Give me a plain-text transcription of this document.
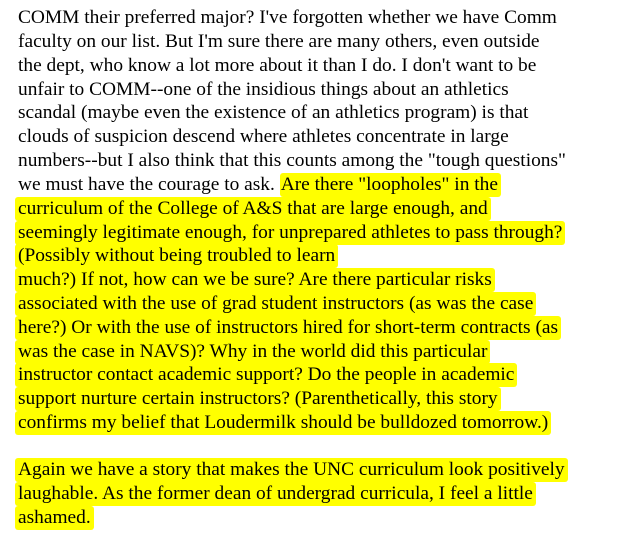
COMM their preferred major? I've forgotten whether we have Comm
faculty on our list. But I'm sure there are many others, even outside
the dept, who know a lot more about it than I do. I don't want to be
unfair to COMM--one of the insidious things about an athletics
scandal (maybe even the existence of an athletics program) is that
clouds of suspicion descend where athletes concentrate in large
numbers--but I also think that this counts among the "tough questions"
we must have the courage to ask. Are there "loopholes" in the
curriculum of the College of A&S that are large enough, and
seemingly legitimate enough, for unprepared athletes to pass through?
(Possibly without being troubled to learn
much?) If not, how can we be sure? Are there particular risks
associated with the use of grad student instructors (as was the case
here?) Or with the use of instructors hired for short-term contracts (as
was the case in NAVS)? Why in the world did this particular
instructor contact academic support? Do the people in academic
support nurture certain instructors? (Parenthetically, this story
confirms my belief that Loudermilk should be bulldozed tomorrow.)
Again we have a story that makes the UNC curriculum look positively
laughable. As the former dean of undergrad curricula, I feel a little
ashamed.
